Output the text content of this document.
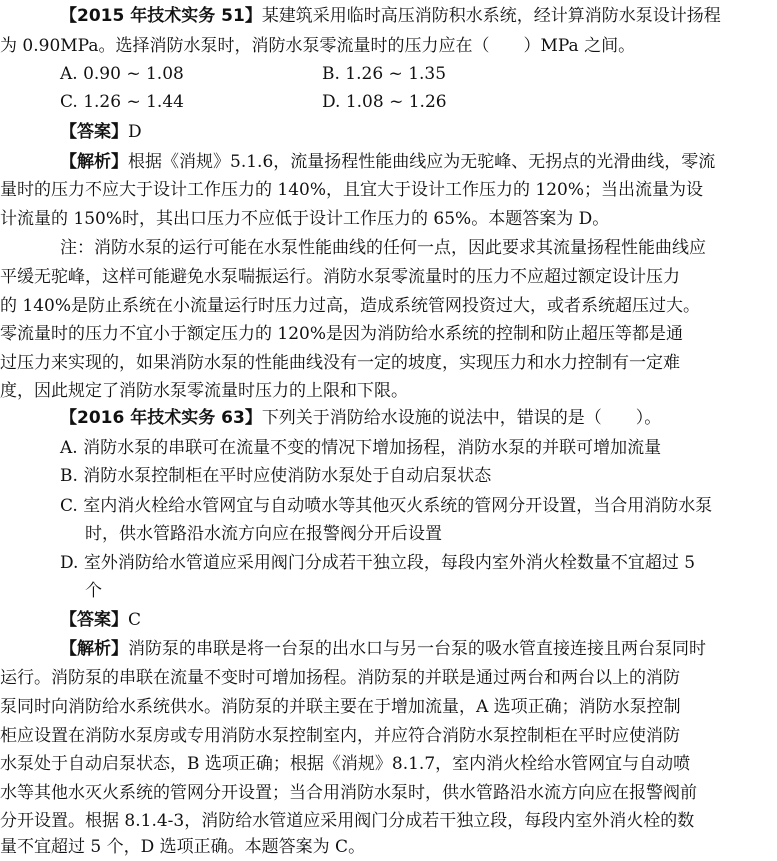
【2015 年技术实务 51】某建筑采用临时高压消防积水系统，经计算消防水泵设计扬程
为 0.90MPa。选择消防水泵时，消防水泵零流量时的压力应在（　　）MPa 之间。
A. 0.90 ~ 1.08	B. 1.26 ~ 1.35
C. 1.26 ~ 1.44	D. 1.08 ~ 1.26
【答案】D
【解析】根据《消规》5.1.6，流量扬程性能曲线应为无驼峰、无拐点的光滑曲线，零流
量时的压力不应大于设计工作压力的 140%，且宜大于设计工作压力的 120%；当出流量为设
计流量的 150%时，其出口压力不应低于设计工作压力的 65%。本题答案为 D。
注：消防水泵的运行可能在水泵性能曲线的任何一点，因此要求其流量扬程性能曲线应
平缓无驼峰，这样可能避免水泵喘振运行。消防水泵零流量时的压力不应超过额定设计压力
的 140%是防止系统在小流量运行时压力过高，造成系统管网投资过大，或者系统超压过大。
零流量时的压力不宜小于额定压力的 120%是因为消防给水系统的控制和防止超压等都是通
过压力来实现的，如果消防水泵的性能曲线没有一定的坡度，实现压力和水力控制有一定难
度，因此规定了消防水泵零流量时压力的上限和下限。
【2016 年技术实务 63】下列关于消防给水设施的说法中，错误的是（　　）。
A. 消防水泵的串联可在流量不变的情况下增加扬程，消防水泵的并联可增加流量
B. 消防水泵控制柜在平时应使消防水泵处于自动启泵状态
C. 室内消火栓给水管网宜与自动喷水等其他灭火系统的管网分开设置，当合用消防水泵
时，供水管路沿水流方向应在报警阀分开后设置
D. 室外消防给水管道应采用阀门分成若干独立段，每段内室外消火栓数量不宜超过 5
个
【答案】C
【解析】消防泵的串联是将一台泵的出水口与另一台泵的吸水管直接连接且两台泵同时
运行。消防泵的串联在流量不变时可增加扬程。消防泵的并联是通过两台和两台以上的消防
泵同时向消防给水系统供水。消防泵的并联主要在于增加流量，A 选项正确；消防水泵控制
柜应设置在消防水泵房或专用消防水泵控制室内，并应符合消防水泵控制柜在平时应使消防
水泵处于自动启泵状态，B 选项正确；根据《消规》8.1.7，室内消火栓给水管网宜与自动喷
水等其他水灭火系统的管网分开设置；当合用消防水泵时，供水管路沿水流方向应在报警阀前
分开设置。根据 8.1.4-3，消防给水管道应采用阀门分成若干独立段，每段内室外消火栓的数
量不宜超过 5 个，D 选项正确。本题答案为 C。
